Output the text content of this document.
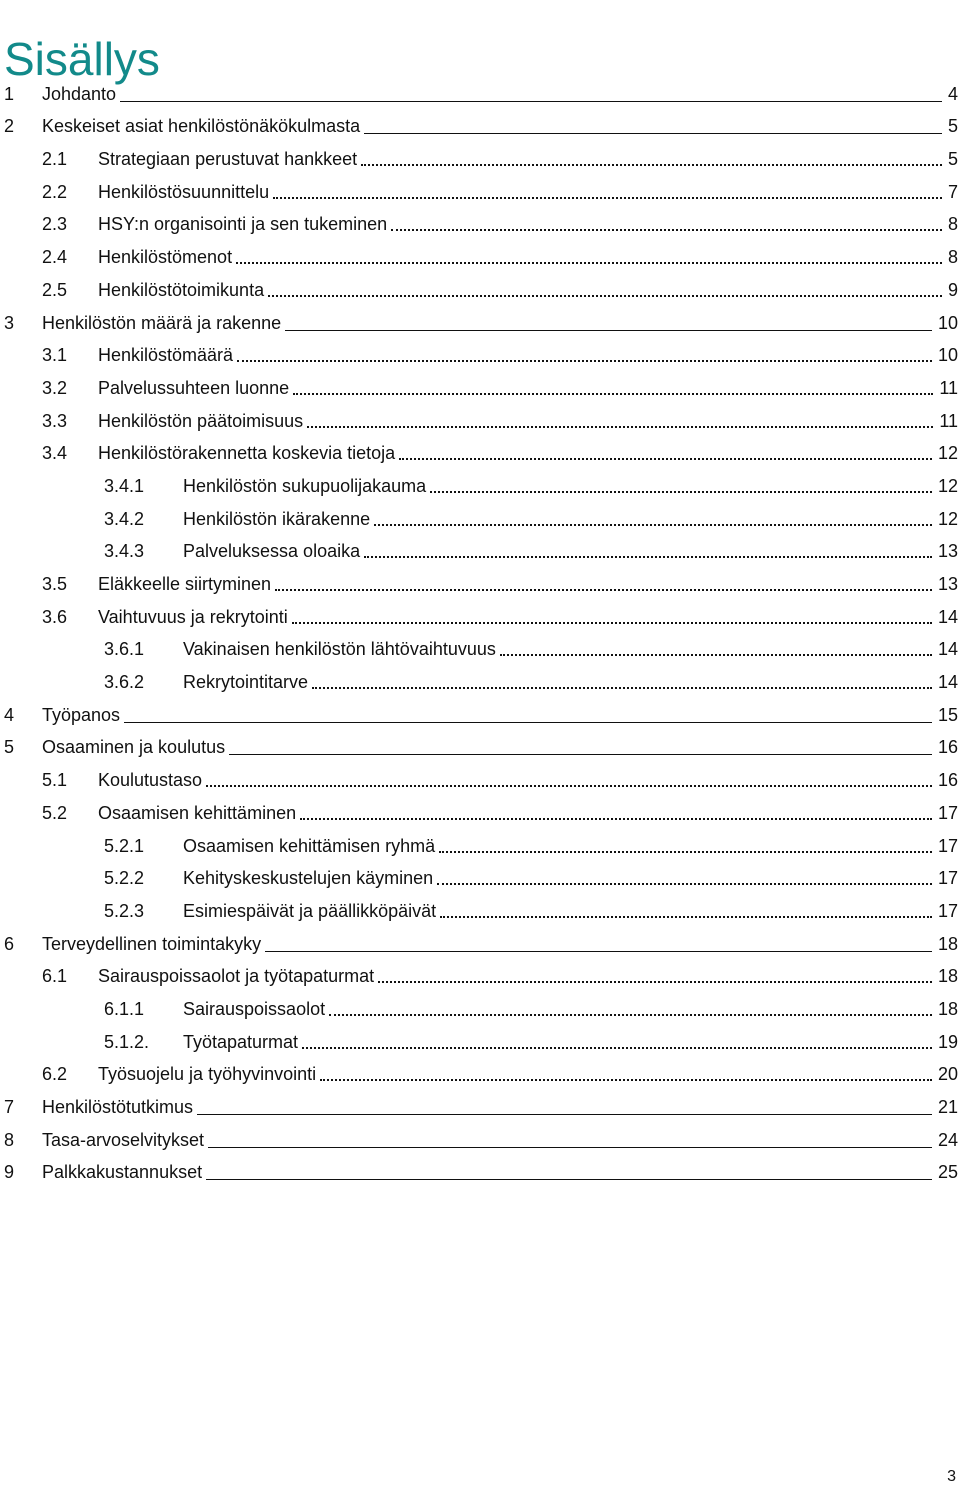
Sisällys
1 Johdanto	4
2 Keskeiset asiat henkilöstönäkökulmasta	5
2.1 Strategiaan perustuvat hankkeet	5
2.2 Henkilöstösuunnittelu	7
2.3 HSY:n organisointi ja sen tukeminen	8
2.4 Henkilöstömenot	8
2.5 Henkilöstötoimikunta	9
3 Henkilöstön määrä ja rakenne	10
3.1 Henkilöstömäärä	10
3.2 Palvelussuhteen luonne	11
3.3 Henkilöstön päätoimisuus	11
3.4 Henkilöstörakennetta koskevia tietoja	12
3.4.1 Henkilöstön sukupuolijakauma	12
3.4.2 Henkilöstön ikärakenne	12
3.4.3 Palveluksessa oloaika	13
3.5 Eläkkeelle siirtyminen	13
3.6 Vaihtuvuus ja rekrytointi	14
3.6.1 Vakinaisen henkilöstön lähtövaihtuvuus	14
3.6.2 Rekrytointitarve	14
4 Työpanos	15
5 Osaaminen ja koulutus	16
5.1 Koulutustaso	16
5.2 Osaamisen kehittäminen	17
5.2.1 Osaamisen kehittämisen ryhmä	17
5.2.2 Kehityskeskustelujen käyminen	17
5.2.3 Esimiespäivät ja päällikköpäivät	17
6 Terveydellinen toimintakyky	18
6.1 Sairauspoissaolot ja työtapaturmat	18
6.1.1 Sairauspoissaolot	18
5.1.2. Työtapaturmat	19
6.2 Työsuojelu ja työhyvinvointi	20
7 Henkilöstötutkimus	21
8 Tasa-arvoselvitykset	24
9 Palkkakustannukset	25
3
